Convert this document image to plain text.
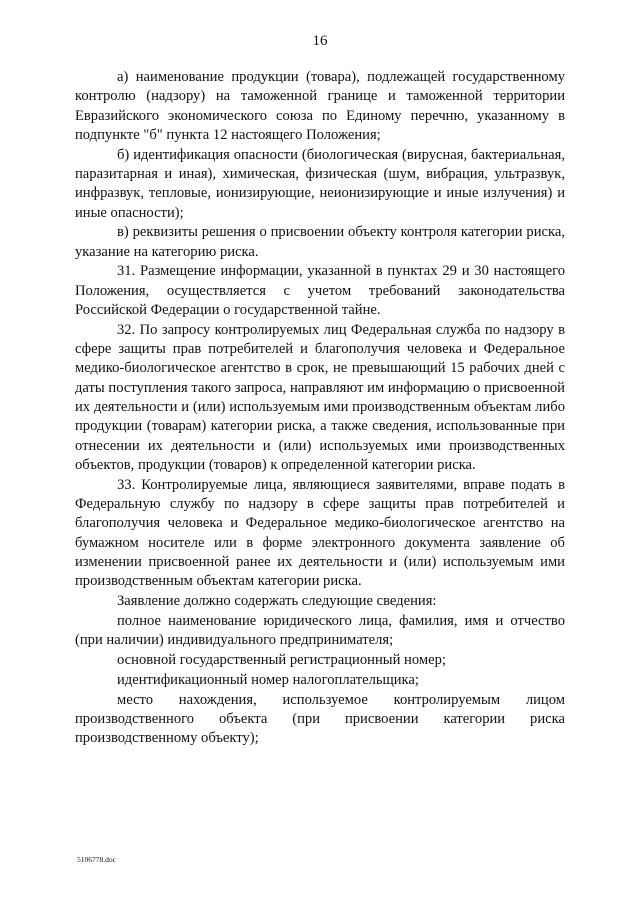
16

а) наименование продукции (товара), подлежащей государственному контролю (надзору) на таможенной границе и таможенной территории Евразийского экономического союза по Единому перечню, указанному в подпункте "б" пункта 12 настоящего Положения;

б) идентификация опасности (биологическая (вирусная, бактериальная, паразитарная и иная), химическая, физическая (шум, вибрация, ультразвук, инфразвук, тепловые, ионизирующие, неионизирующие и иные излучения) и иные опасности);

в) реквизиты решения о присвоении объекту контроля категории риска, указание на категорию риска.

31. Размещение информации, указанной в пунктах 29 и 30 настоящего Положения, осуществляется с учетом требований законодательства Российской Федерации о государственной тайне.

32. По запросу контролируемых лиц Федеральная служба по надзору в сфере защиты прав потребителей и благополучия человека и Федеральное медико-биологическое агентство в срок, не превышающий 15 рабочих дней с даты поступления такого запроса, направляют им информацию о присвоенной их деятельности и (или) используемым ими производственным объектам либо продукции (товарам) категории риска, а также сведения, использованные при отнесении их деятельности и (или) используемых ими производственных объектов, продукции (товаров) к определенной категории риска.

33. Контролируемые лица, являющиеся заявителями, вправе подать в Федеральную службу по надзору в сфере защиты прав потребителей и благополучия человека и Федеральное медико-биологическое агентство на бумажном носителе или в форме электронного документа заявление об изменении присвоенной ранее их деятельности и (или) используемым ими производственным объектам категории риска.

Заявление должно содержать следующие сведения:

полное наименование юридического лица, фамилия, имя и отчество (при наличии) индивидуального предпринимателя;

основной государственный регистрационный номер;

идентификационный номер налогоплательщика;

место нахождения, используемое контролируемым лицом производственного объекта (при присвоении категории риска производственному объекту);

5106778.doc
